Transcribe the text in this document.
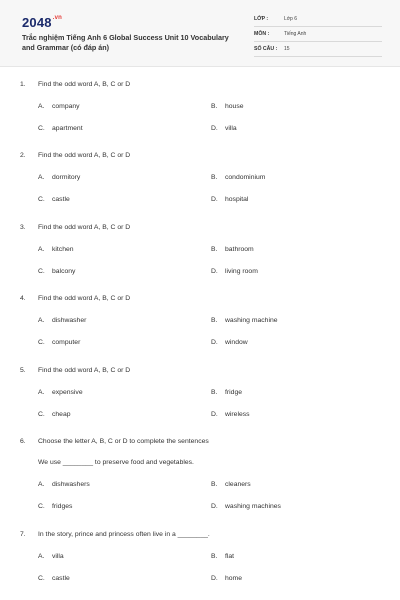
$2048^{.vn}$
Trắc nghiệm Tiếng Anh 6 Global Success Unit 10 Vocabulary and Grammar (có đáp án)
LỚP :	Lớp 6
MÔN :	Tiếng Anh
SỐ CÂU : 15
1. Find the odd word A, B, C or D
A. company	B. house
C. apartment	D. villa
2. Find the odd word A, B, C or D
A. dormitory	B. condominium
C. castle	D. hospital
3. Find the odd word A, B, C or D
A. kitchen	B. bathroom
C. balcony	D. living room
4. Find the odd word A, B, C or D
A. dishwasher	B. washing machine
C. computer	D. window
5. Find the odd word A, B, C or D
A. expensive	B. fridge
C. cheap	D. wireless
6. Choose the letter A, B, C or D to complete the sentences
We use ________ to preserve food and vegetables.
A. dishwashers	B. cleaners
C. fridges	D. washing machines
7. In the story, prince and princess often live in a ________.
A. villa	B. flat
C. castle	D. home
